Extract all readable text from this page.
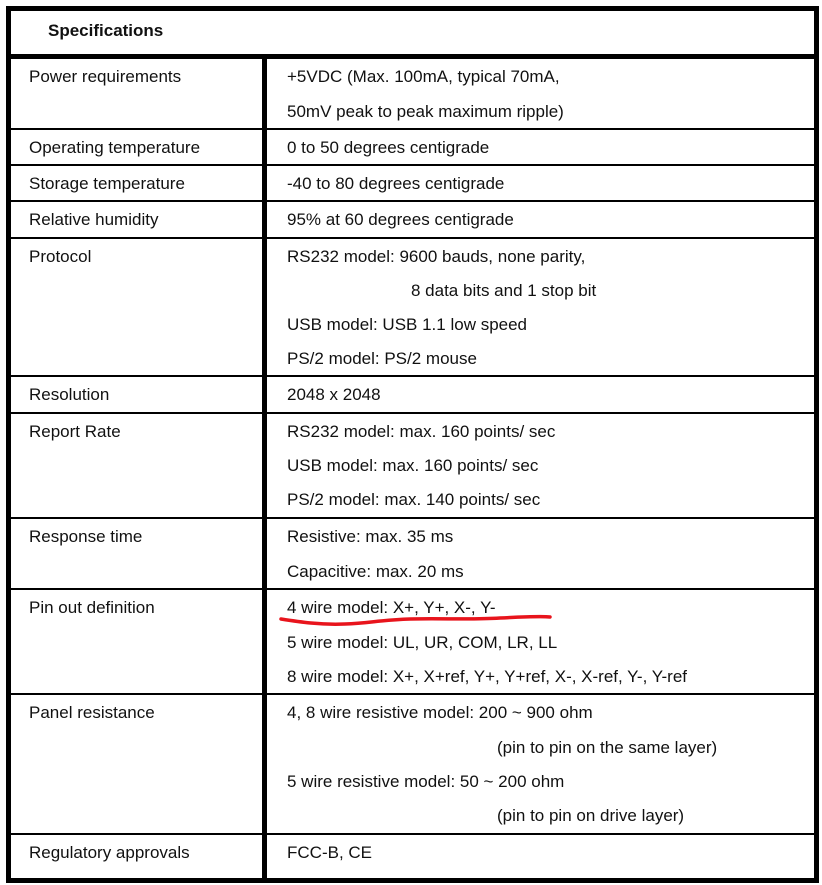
Specifications
Power requirements	+5VDC (Max. 100mA, typical 70mA,
50mV peak to peak maximum ripple)
Operating temperature	0 to 50 degrees centigrade
Storage temperature	-40 to 80 degrees centigrade
Relative humidity	95% at 60 degrees centigrade
Protocol	RS232 model: 9600 bauds, none parity,
8 data bits and 1 stop bit
USB model: USB 1.1 low speed
PS/2 model: PS/2 mouse
Resolution	2048 x 2048
Report Rate	RS232 model: max. 160 points/ sec
USB model: max. 160 points/ sec
PS/2 model: max. 140 points/ sec
Response time	Resistive: max. 35 ms
Capacitive: max. 20 ms
Pin out definition	4 wire model: X+, Y+, X-, Y-
5 wire model: UL, UR, COM, LR, LL
8 wire model: X+, X+ref, Y+, Y+ref, X-, X-ref, Y-, Y-ref
Panel resistance	4, 8 wire resistive model: 200 ~ 900 ohm
(pin to pin on the same layer)
5 wire resistive model: 50 ~ 200 ohm
(pin to pin on drive layer)
Regulatory approvals	FCC-B, CE
